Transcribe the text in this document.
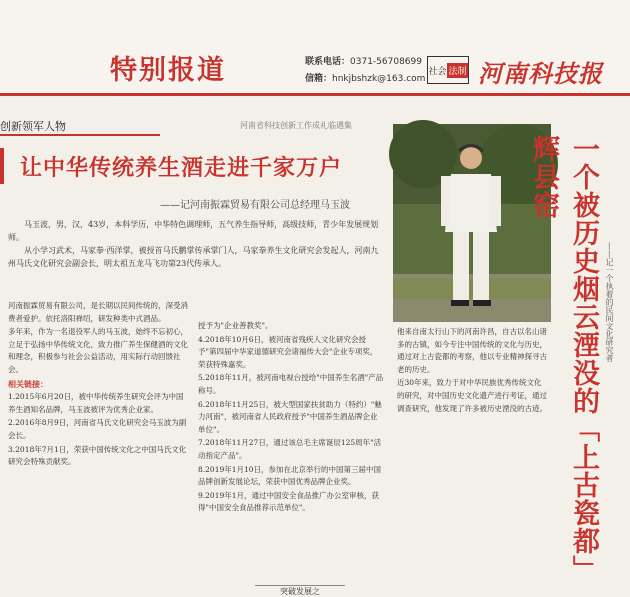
特别报道	联系电话：0371-56708699
信箱：hnkjbshzk@163.com
社会 法制 河南科技报
创新领军人物	河南省科技创新工作成礼临遇集
让中华传统养生酒走进千家万户
——记河南振霖贸易有限公司总经理马玉波

马玉波，男，汉，43岁，本科学历，中华特色调理师，五气养生指导师，高级技师，青少年发展规划师。

从小学习武术，马家拳·西洋掌，被授首马氏鹏掌传承掌门人，马家拳养生文化研究会发起人，河南九州马氏文化研究会副会长，明太祖五龙马飞功第23代传承人。

河南振霖贸易有限公司，是长期以民间传统的，深受消费者爱护。依托洛阳禅绍，研发种类中式酒品。

多年来，作为一名退役军人的马玉波，始终不忘初心，立足于弘扬中华传统文化，致力推广养生保健酒的文化和理念，积极参与社会公益活动，用实际行动回馈社会。

相关链接：

1.2015年6月20日，被中华传统养生研究会评为中国养生酒知名品牌，马玉波被评为优秀企业家。

2.2016年8月9日，河南省马氏文化研究会马玉波为副会长。

3.2018年7月1日，荣获中国传统文化之中国马氏文化研究会特殊贡献奖。

授予为"企业善教奖"。

4.2018年10月6日，被河南省残疾人文化研究会授予"第四届中华家道德研究会诸福传大会"企业专项奖，荣获特殊嘉奖。

5.2018年11月，被河南电视台授给"中国养生名酒"产品称号。

6.2018年11月25日，被大型国家扶贫助力（特约）"魅力河南"，被河南省人民政府授予"中国养生酒品牌企业单位"。

7.2018年11月27日，通过该总毛主席诞辰125周年"活动指定产品"。

8.2019年1月10日，参加在北京举行的中国第三届中国品牌创新发展论坛，荣获中国优秀品牌企业奖。

9.2019年1月，通过中国安全食品推广办公室审核，获得"中国安全食品推荐示范单位"。

他来自南太行山下的河南许昌，自古以名山诸多的古镇，如今专注中国传统的文化与历史，通过对上古瓷都的考察，他以专业精神探寻古老的历史。

近30年来，致力于对中华民族优秀传统文化的研究，对中国历史文化遗产进行考证，通过调查研究，他发现了许多被历史湮没的古迹。 一个被历史烟云湮没的「上古瓷都」辉县窑
——记一个执着的民间文化研究者
突破发展之
